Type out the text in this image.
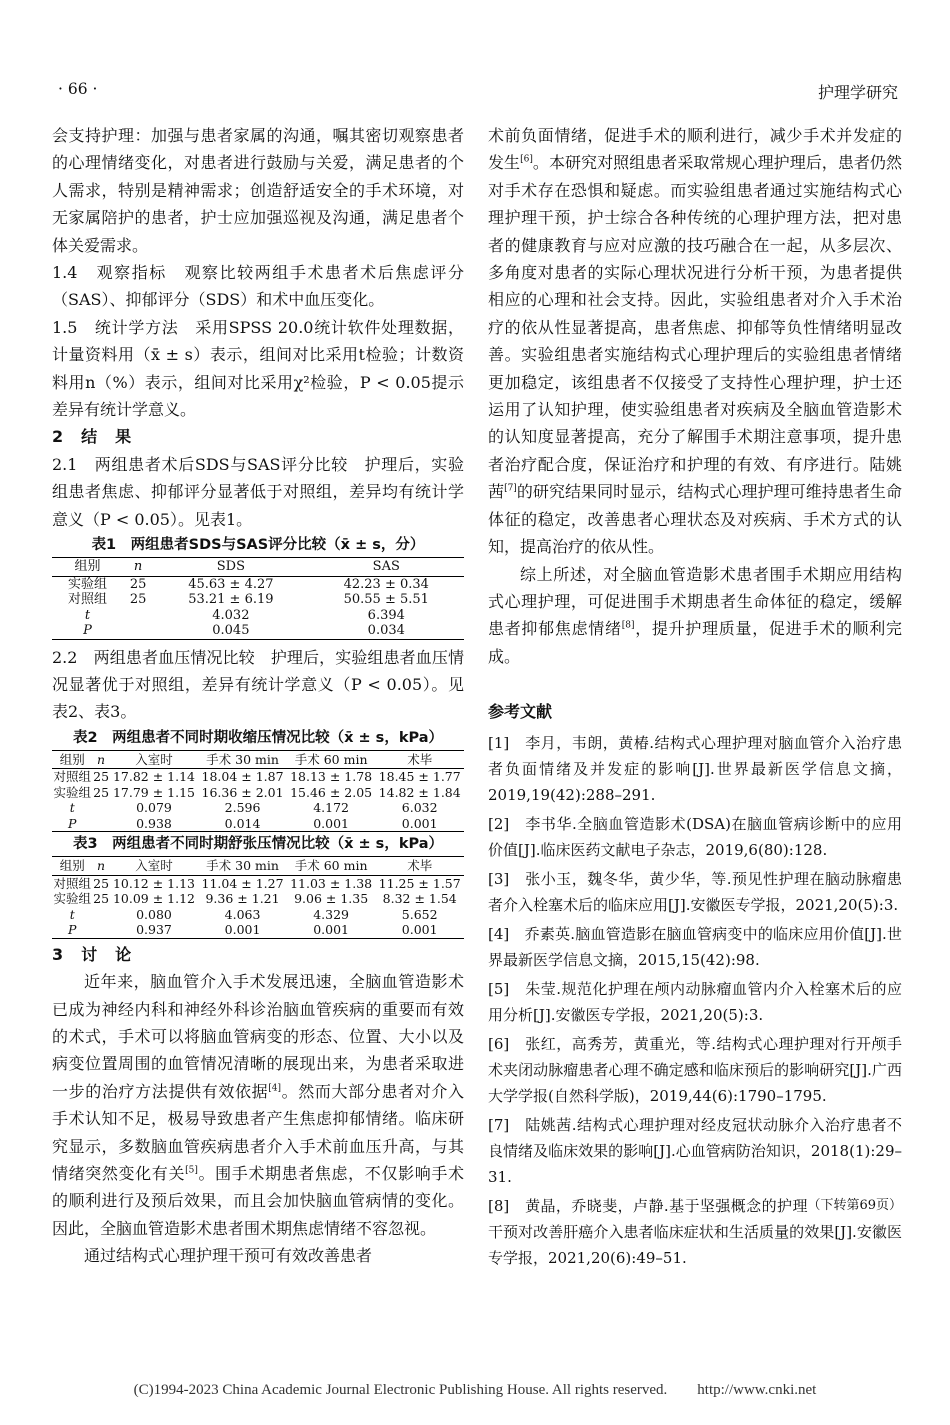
· 66 ·	护理学研究

会支持护理：加强与患者家属的沟通，嘱其密切观察患者的心理情绪变化，对患者进行鼓励与关爱，满足患者的个人需求，特别是精神需求；创造舒适安全的手术环境，对无家属陪护的患者，护士应加强巡视及沟通，满足患者个体关爱需求。

1.4　观察指标　观察比较两组手术患者术后焦虑评分（SAS）、抑郁评分（SDS）和术中血压变化。

1.5　统计学方法　采用SPSS 20.0统计软件处理数据，计量资料用（x̄ ± s）表示，组间对比采用t检验；计数资料用n（%）表示，组间对比采用χ²检验，P < 0.05提示差异有统计学意义。

2　结　果

2.1　两组患者术后SDS与SAS评分比较　护理后，实验组患者焦虑、抑郁评分显著低于对照组，差异均有统计学意义（P < 0.05）。见表1。

表1　两组患者SDS与SAS评分比较（x̄ ± s，分）
组别	n	SDS	SAS
实验组	25	45.63 ± 4.27	42.23 ± 0.34
对照组	25	53.21 ± 6.19	50.55 ± 5.51
t		4.032	6.394
P		0.045	0.034

2.2　两组患者血压情况比较　护理后，实验组患者血压情况显著优于对照组，差异有统计学意义（P < 0.05）。见表2、表3。

表2　两组患者不同时期收缩压情况比较（x̄ ± s，kPa）
组别	n	入室时	手术 30 min	手术 60 min	术毕
对照组	25	17.82 ± 1.14	18.04 ± 1.87	18.13 ± 1.78	18.45 ± 1.77
实验组	25	17.79 ± 1.15	16.36 ± 2.01	15.46 ± 2.05	14.82 ± 1.84
t		0.079	2.596	4.172	6.032
P		0.938	0.014	0.001	0.001
表3　两组患者不同时期舒张压情况比较（x̄ ± s，kPa）
组别	n	入室时	手术 30 min	手术 60 min	术毕
对照组	25	10.12 ± 1.13	11.04 ± 1.27	11.03 ± 1.38	11.25 ± 1.57
实验组	25	10.09 ± 1.12	9.36 ± 1.21	9.06 ± 1.35	8.32 ± 1.54
t		0.080	4.063	4.329	5.652
P		0.937	0.001	0.001	0.001
3　讨　论

近年来，脑血管介入手术发展迅速，全脑血管造影术已成为神经内科和神经外科诊治脑血管疾病的重要而有效的术式，手术可以将脑血管病变的形态、位置、大小以及病变位置周围的血管情况清晰的展现出来，为患者采取进一步的治疗方法提供有效依据[4]。然而大部分患者对介入手术认知不足，极易导致患者产生焦虑抑郁情绪。临床研究显示，多数脑血管疾病患者介入手术前血压升高，与其情绪突然变化有关[5]。围手术期患者焦虑，不仅影响手术的顺利进行及预后效果，而且会加快脑血管病情的变化。因此，全脑血管造影术患者围术期焦虑情绪不容忽视。

通过结构式心理护理干预可有效改善患者

术前负面情绪，促进手术的顺利进行，减少手术并发症的发生[6]。本研究对照组患者采取常规心理护理后，患者仍然对手术存在恐惧和疑虑。而实验组患者通过实施结构式心理护理干预，护士综合各种传统的心理护理方法，把对患者的健康教育与应对应激的技巧融合在一起，从多层次、多角度对患者的实际心理状况进行分析干预，为患者提供相应的心理和社会支持。因此，实验组患者对介入手术治疗的依从性显著提高，患者焦虑、抑郁等负性情绪明显改善。实验组患者实施结构式心理护理后的实验组患者情绪更加稳定，该组患者不仅接受了支持性心理护理，护士还运用了认知护理，使实验组患者对疾病及全脑血管造影术的认知度显著提高，充分了解围手术期注意事项，提升患者治疗配合度，保证治疗和护理的有效、有序进行。陆姚茜[7]的研究结果同时显示，结构式心理护理可维持患者生命体征的稳定，改善患者心理状态及对疾病、手术方式的认知，提高治疗的依从性。

综上所述，对全脑血管造影术患者围手术期应用结构式心理护理，可促进围手术期患者生命体征的稳定，缓解患者抑郁焦虑情绪[8]，提升护理质量，促进手术的顺利完成。

参考文献

[1]　李月，韦朗，黄椿.结构式心理护理对脑血管介入治疗患者负面情绪及并发症的影响[J].世界最新医学信息文摘，2019,19(42):288–291.

[2]　李书华.全脑血管造影术(DSA)在脑血管病诊断中的应用价值[J].临床医药文献电子杂志，2019,6(80):128.

[3]　张小玉，魏冬华，黄少华，等.预见性护理在脑动脉瘤患者介入栓塞术后的临床应用[J].安徽医专学报，2021,20(5):3.

[4]　乔素英.脑血管造影在脑血管病变中的临床应用价值[J].世界最新医学信息文摘，2015,15(42):98.

[5]　朱莹.规范化护理在颅内动脉瘤血管内介入栓塞术后的应用分析[J].安徽医专学报，2021,20(5):3.

[6]　张红，高秀芳，黄重光，等.结构式心理护理对行开颅手术夹闭动脉瘤患者心理不确定感和临床预后的影响研究[J].广西大学学报(自然科学版)，2019,44(6):1790–1795.

[7]　陆姚茜.结构式心理护理对经皮冠状动脉介入治疗患者不良情绪及临床效果的影响[J].心血管病防治知识，2018(1):29–31.

（下转第69页）
[8]　黄晶，乔晓斐，卢静.基于坚强概念的护理干预对改善肝癌介入患者临床症状和生活质量的效果[J].安徽医专学报，2021,20(6):49–51.

(C)1994-2023 China Academic Journal Electronic Publishing House. All rights reserved.　　http://www.cnki.net
